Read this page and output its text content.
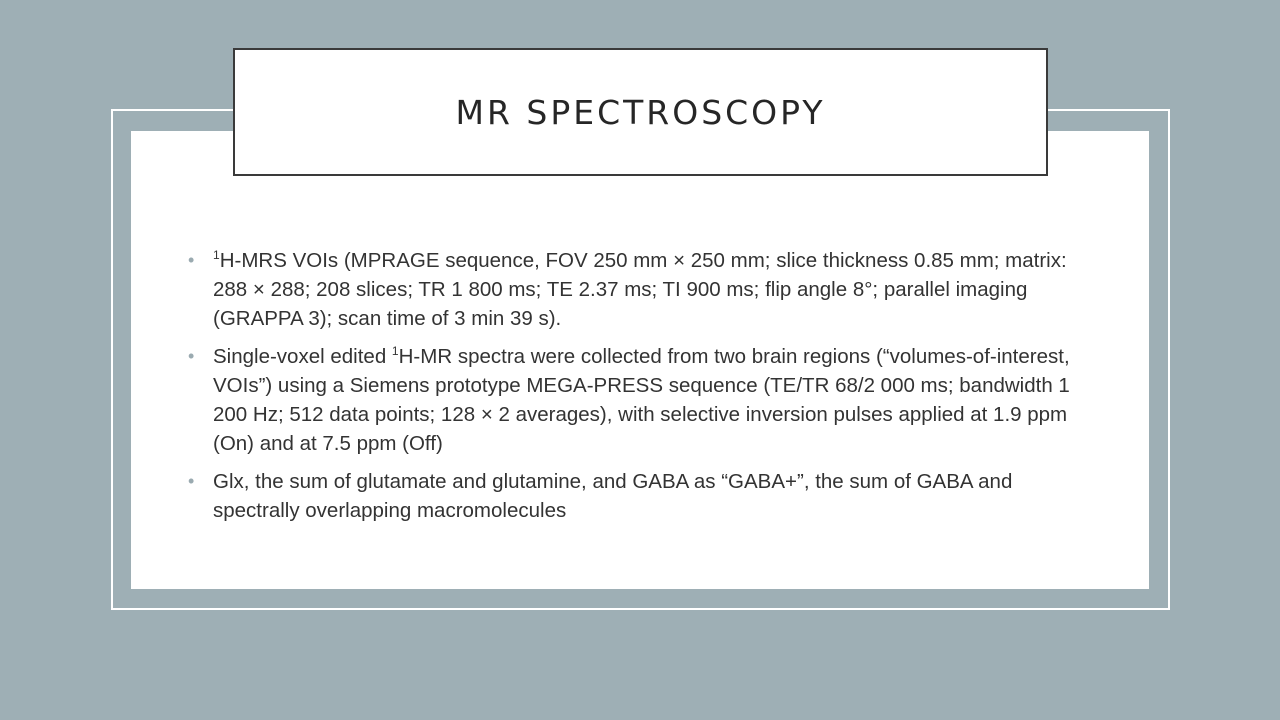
MR SPECTROSCOPY
• $^1$H-MRS VOIs (MPRAGE sequence, FOV 250 mm × 250 mm; slice thickness 0.85 mm; matrix: 288 × 288; 208 slices; TR 1 800 ms; TE 2.37 ms; TI 900 ms; flip angle 8°; parallel imaging (GRAPPA 3); scan time of 3 min 39 s).
• Single-voxel edited $^1$H-MR spectra were collected from two brain regions (“volumes-of-interest, VOIs”) using a Siemens prototype MEGA-PRESS sequence (TE/TR 68/2 000 ms; bandwidth 1 200 Hz; 512 data points; 128 × 2 averages), with selective inversion pulses applied at 1.9 ppm (On) and at 7.5 ppm (Off)
• Glx, the sum of glutamate and glutamine, and GABA as “GABA+”, the sum of GABA and spectrally overlapping macromolecules
